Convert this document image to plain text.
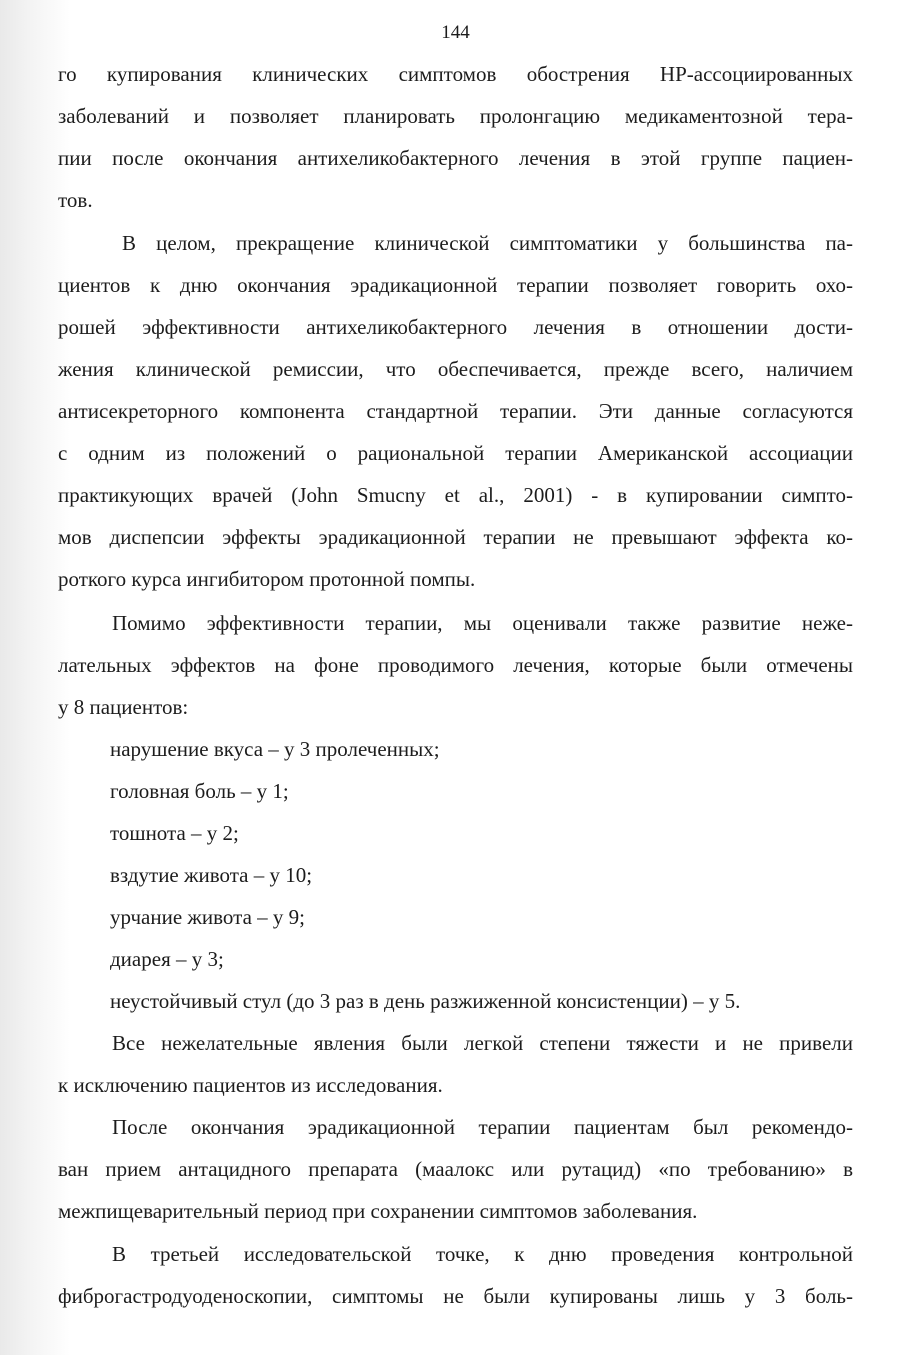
144
го купирования клинических симптомов обострения HP-ассоциированных
заболеваний и позволяет планировать пролонгацию медикаментозной тера-
пии после окончания антихеликобактерного лечения в этой группе пациен-
тов.
В целом, прекращение клинической симптоматики у большинства па-
циентов к дню окончания эрадикационной терапии позволяет говорить охо-
рошей эффективности антихеликобактерного лечения в отношении дости-
жения клинической ремиссии, что обеспечивается, прежде всего, наличием
антисекреторного компонента стандартной терапии. Эти данные согласуются
с одним из положений о рациональной терапии Американской ассоциации
практикующих врачей (John Smucny et al., 2001) - в купировании симпто-
мов диспепсии эффекты эрадикационной терапии не превышают эффекта ко-
роткого курса ингибитором протонной помпы.
Помимо эффективности терапии, мы оценивали также развитие неже-
лательных эффектов на фоне проводимого лечения, которые были отмечены
у 8 пациентов:
нарушение вкуса – у 3 пролеченных;
головная боль – у 1;
тошнота – у 2;
вздутие живота – у 10;
урчание живота – у 9;
диарея – у 3;
неустойчивый стул (до 3 раз в день разжиженной консистенции) – у 5.
Все нежелательные явления были легкой степени тяжести и не привели
к исключению пациентов из исследования.
После окончания эрадикационной терапии пациентам был рекомендо-
ван прием антацидного препарата (маалокс или рутацид) «по требованию» в
межпищеварительный период при сохранении симптомов заболевания.
В третьей исследовательской точке, к дню проведения контрольной
фиброгастродуоденоскопии, симптомы не были купированы лишь у 3 боль-
